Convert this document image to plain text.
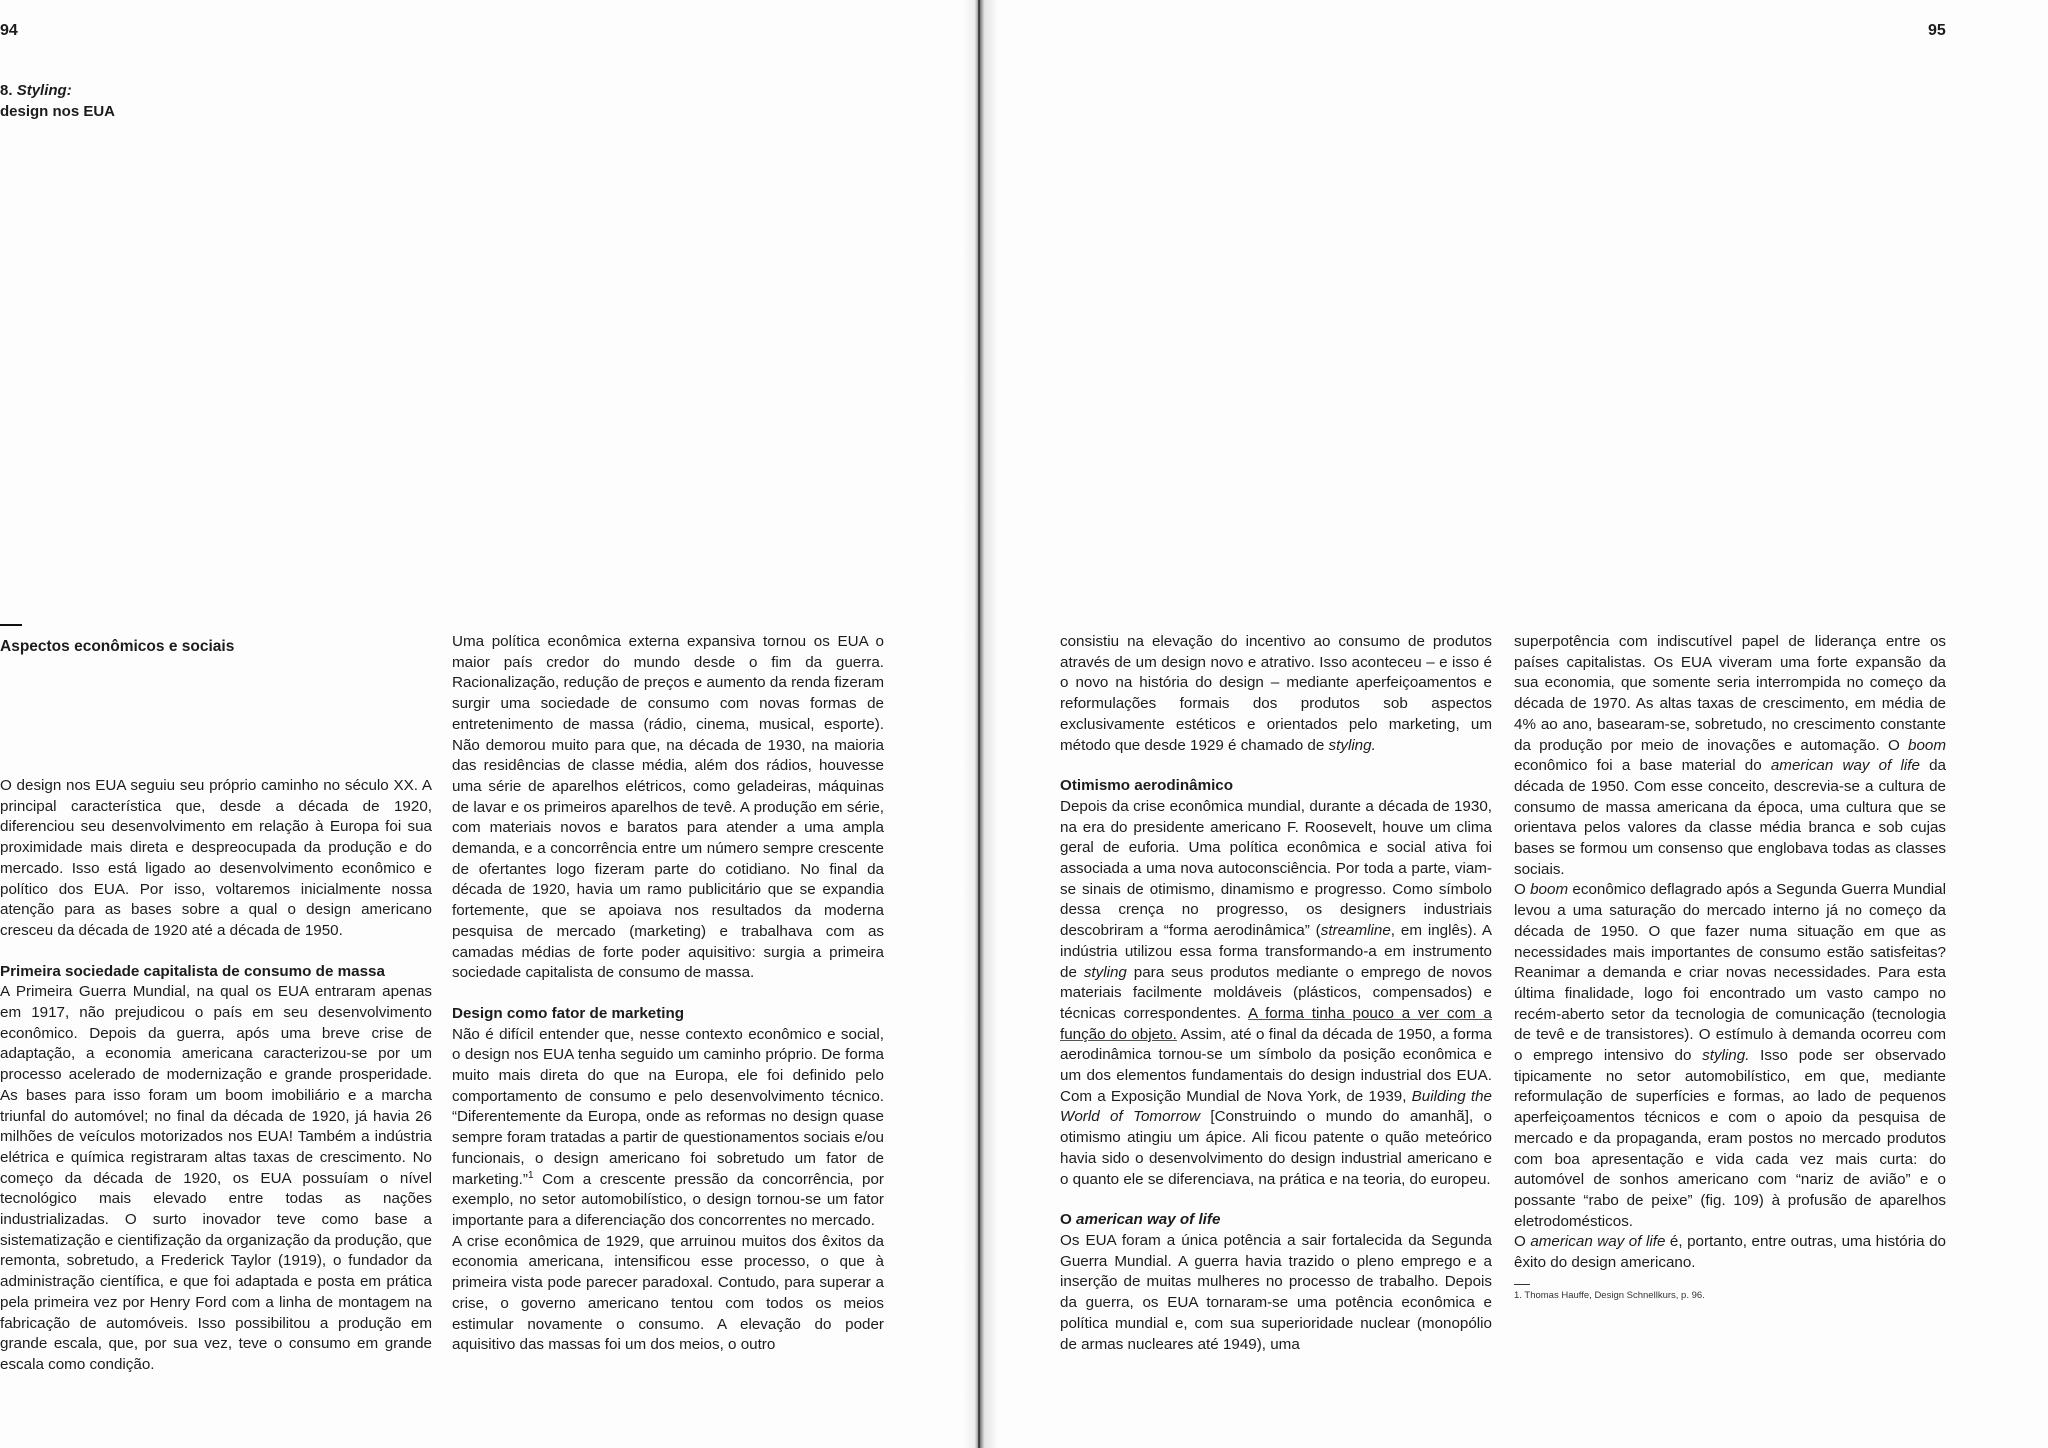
94
8. Styling:
design nos EUA
Aspectos econômicos e sociais

O design nos EUA seguiu seu próprio caminho no século XX. A principal característica que, desde a década de 1920, diferenciou seu desenvolvimento em relação à Europa foi sua proximidade mais direta e despreocupada da produção e do mercado. Isso está ligado ao desenvolvimento econômico e político dos EUA. Por isso, voltaremos inicialmente nossa atenção para as bases sobre a qual o design americano cresceu da década de 1920 até a década de 1950.

Primeira sociedade capitalista de consumo de massa

A Primeira Guerra Mundial, na qual os EUA entraram apenas em 1917, não prejudicou o país em seu desenvolvimento econômico. Depois da guerra, após uma breve crise de adaptação, a economia americana caracterizou-se por um processo acelerado de modernização e grande prosperidade. As bases para isso foram um boom imobiliário e a marcha triunfal do automóvel; no final da década de 1920, já havia 26 milhões de veículos motorizados nos EUA! Também a indústria elétrica e química registraram altas taxas de crescimento. No começo da década de 1920, os EUA possuíam o nível tecnológico mais elevado entre todas as nações industrializadas. O surto inovador teve como base a sistematização e cientifização da organização da produção, que remonta, sobretudo, a Frederick Taylor (1919), o fundador da administração científica, e que foi adaptada e posta em prática pela primeira vez por Henry Ford com a linha de montagem na fabricação de automóveis. Isso possibilitou a produção em grande escala, que, por sua vez, teve o consumo em grande escala como condição.

Uma política econômica externa expansiva tornou os EUA o maior país credor do mundo desde o fim da guerra. Racionalização, redução de preços e aumento da renda fizeram surgir uma sociedade de consumo com novas formas de entretenimento de massa (rádio, cinema, musical, esporte). Não demorou muito para que, na década de 1930, na maioria das residências de classe média, além dos rádios, houvesse uma série de aparelhos elétricos, como geladeiras, máquinas de lavar e os primeiros aparelhos de tevê. A produção em série, com materiais novos e baratos para atender a uma ampla demanda, e a concorrência entre um número sempre crescente de ofertantes logo fizeram parte do cotidiano. No final da década de 1920, havia um ramo publicitário que se expandia fortemente, que se apoiava nos resultados da moderna pesquisa de mercado (marketing) e trabalhava com as camadas médias de forte poder aquisitivo: surgia a primeira sociedade capitalista de consumo de massa.

Design como fator de marketing

Não é difícil entender que, nesse contexto econômico e social, o design nos EUA tenha seguido um caminho próprio. De forma muito mais direta do que na Europa, ele foi definido pelo comportamento de consumo e pelo desenvolvimento técnico. “Diferentemente da Europa, onde as reformas no design quase sempre foram tratadas a partir de questionamentos sociais e/ou funcionais, o design americano foi sobretudo um fator de marketing.”$^1$ Com a crescente pressão da concorrência, por exemplo, no setor automobilístico, o design tornou-se um fator importante para a diferenciação dos concorrentes no mercado.

A crise econômica de 1929, que arruinou muitos dos êxitos da economia americana, intensificou esse processo, o que à primeira vista pode parecer paradoxal. Contudo, para superar a crise, o governo americano tentou com todos os meios estimular novamente o consumo. A elevação do poder aquisitivo das massas foi um dos meios, o outro

95

consistiu na elevação do incentivo ao consumo de produtos através de um design novo e atrativo. Isso aconteceu – e isso é o novo na história do design – mediante aperfeiçoamentos e reformulações formais dos produtos sob aspectos exclusivamente estéticos e orientados pelo marketing, um método que desde 1929 é chamado de styling.

Otimismo aerodinâmico

Depois da crise econômica mundial, durante a década de 1930, na era do presidente americano F. Roosevelt, houve um clima geral de euforia. Uma política econômica e social ativa foi associada a uma nova autoconsciência. Por toda a parte, viam-se sinais de otimismo, dinamismo e progresso. Como símbolo dessa crença no progresso, os designers industriais descobriram a “forma aerodinâmica” (streamline, em inglês). A indústria utilizou essa forma transformando-a em instrumento de styling para seus produtos mediante o emprego de novos materiais facilmente moldáveis (plásticos, compensados) e técnicas correspondentes. A forma tinha pouco a ver com a função do objeto. Assim, até o final da década de 1950, a forma aerodinâmica tornou-se um símbolo da posição econômica e um dos elementos fundamentais do design industrial dos EUA. Com a Exposição Mundial de Nova York, de 1939, Building the World of Tomorrow [Construindo o mundo do amanhã], o otimismo atingiu um ápice. Ali ficou patente o quão meteórico havia sido o desenvolvimento do design industrial americano e o quanto ele se diferenciava, na prática e na teoria, do europeu.

O american way of life

Os EUA foram a única potência a sair fortalecida da Segunda Guerra Mundial. A guerra havia trazido o pleno emprego e a inserção de muitas mulheres no processo de trabalho. Depois da guerra, os EUA tornaram-se uma potência econômica e política mundial e, com sua superioridade nuclear (monopólio de armas nucleares até 1949), uma

superpotência com indiscutível papel de liderança entre os países capitalistas. Os EUA viveram uma forte expansão da sua economia, que somente seria interrompida no começo da década de 1970. As altas taxas de crescimento, em média de 4% ao ano, basearam-se, sobretudo, no crescimento constante da produção por meio de inovações e automação. O boom econômico foi a base material do american way of life da década de 1950. Com esse conceito, descrevia-se a cultura de consumo de massa americana da época, uma cultura que se orientava pelos valores da classe média branca e sob cujas bases se formou um consenso que englobava todas as classes sociais.

O boom econômico deflagrado após a Segunda Guerra Mundial levou a uma saturação do mercado interno já no começo da década de 1950. O que fazer numa situação em que as necessidades mais importantes de consumo estão satisfeitas? Reanimar a demanda e criar novas necessidades. Para esta última finalidade, logo foi encontrado um vasto campo no recém-aberto setor da tecnologia de comunicação (tecnologia de tevê e de transistores). O estímulo à demanda ocorreu com o emprego intensivo do styling. Isso pode ser observado tipicamente no setor automobilístico, em que, mediante reformulação de superfícies e formas, ao lado de pequenos aperfeiçoamentos técnicos e com o apoio da pesquisa de mercado e da propaganda, eram postos no mercado produtos com boa apresentação e vida cada vez mais curta: do automóvel de sonhos americano com “nariz de avião” e o possante “rabo de peixe” (fig. 109) à profusão de aparelhos eletrodomésticos.

O american way of life é, portanto, entre outras, uma história do êxito do design americano.

1. Thomas Hauffe, Design Schnellkurs, p. 96.
